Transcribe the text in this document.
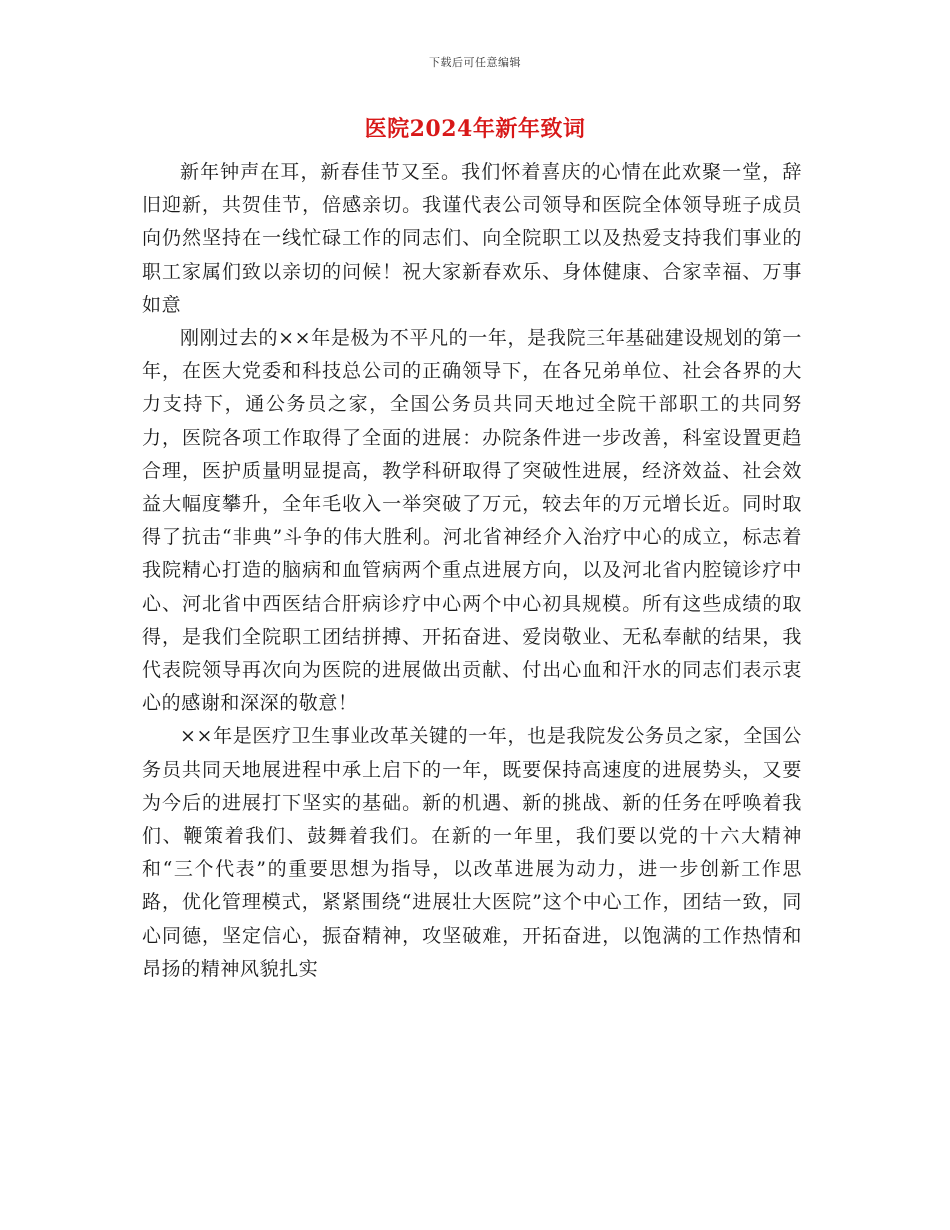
下载后可任意编辑
医院2024年新年致词

新年钟声在耳，新春佳节又至。我们怀着喜庆的心情在此欢聚一堂，辞旧迎新，共贺佳节，倍感亲切。我谨代表公司领导和医院全体领导班子成员向仍然坚持在一线忙碌工作的同志们、向全院职工以及热爱支持我们事业的职工家属们致以亲切的问候！祝大家新春欢乐、身体健康、合家幸福、万事如意

刚刚过去的××年是极为不平凡的一年，是我院三年基础建设规划的第一年，在医大党委和科技总公司的正确领导下，在各兄弟单位、社会各界的大力支持下，通公务员之家，全国公务员共同天地过全院干部职工的共同努力，医院各项工作取得了全面的进展：办院条件进一步改善，科室设置更趋合理，医护质量明显提高，教学科研取得了突破性进展，经济效益、社会效益大幅度攀升，全年毛收入一举突破了万元，较去年的万元增长近。同时取得了抗击“非典”斗争的伟大胜利。河北省神经介入治疗中心的成立，标志着我院精心打造的脑病和血管病两个重点进展方向，以及河北省内腔镜诊疗中心、河北省中西医结合肝病诊疗中心两个中心初具规模。所有这些成绩的取得，是我们全院职工团结拼搏、开拓奋进、爱岗敬业、无私奉献的结果，我代表院领导再次向为医院的进展做出贡献、付出心血和汗水的同志们表示衷心的感谢和深深的敬意！

××年是医疗卫生事业改革关键的一年，也是我院发公务员之家，全国公务员共同天地展进程中承上启下的一年，既要保持高速度的进展势头，又要为今后的进展打下坚实的基础。新的机遇、新的挑战、新的任务在呼唤着我们、鞭策着我们、鼓舞着我们。在新的一年里，我们要以党的十六大精神和“三个代表”的重要思想为指导，以改革进展为动力，进一步创新工作思路，优化管理模式，紧紧围绕“进展壮大医院”这个中心工作，团结一致，同心同德，坚定信心，振奋精神，攻坚破难，开拓奋进，以饱满的工作热情和昂扬的精神风貌扎实
